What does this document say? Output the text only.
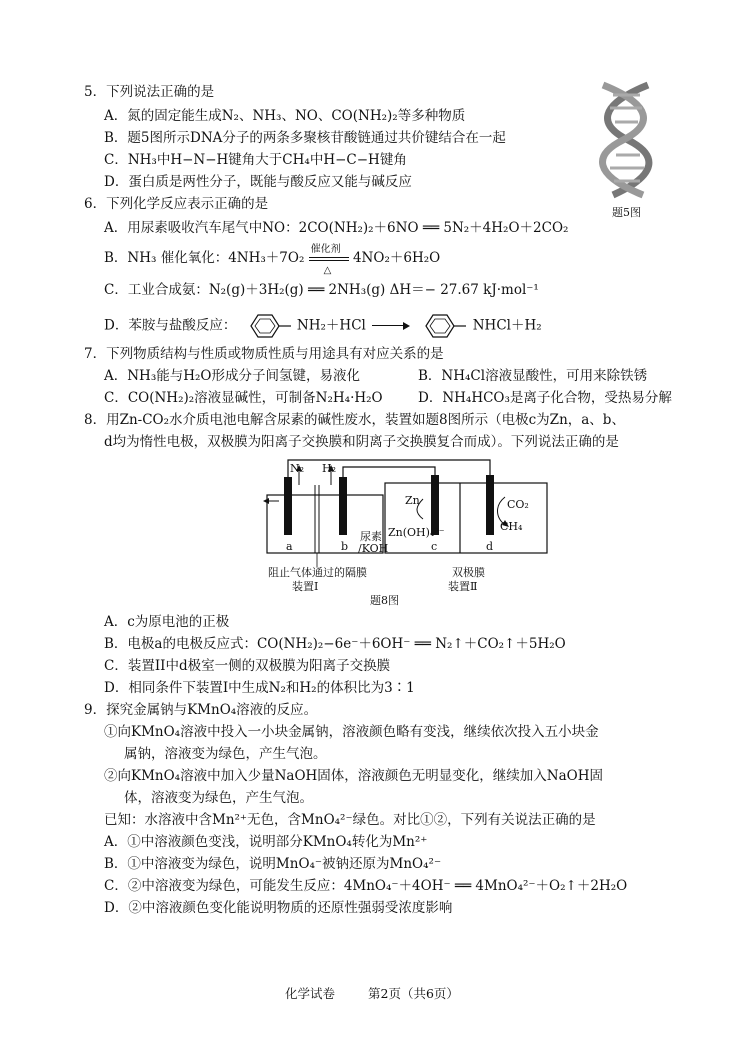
5．下列说法正确的是
A．氮的固定能生成N₂、NH₃、NO、CO(NH₂)₂等多种物质
B．题5图所示DNA分子的两条多聚核苷酸链通过共价键结合在一起
C．NH₃中H−N−H键角大于CH₄中H−C−H键角
D．蛋白质是两性分子，既能与酸反应又能与碱反应
题5图
6．下列化学反应表示正确的是
A．用尿素吸收汽车尾气中NO：2CO(NH₂)₂＋6NO ══ 5N₂＋4H₂O＋2CO₂
B．NH₃ 催化氧化：4NH₃＋7O₂
催化剂
△
4NO₂＋6H₂O
C．工业合成氨：N₂(g)＋3H₂(g) ══ 2NH₃(g) ΔH＝− 27.67 kJ·mol⁻¹
D．苯胺与盐酸反应：	NH₂＋HCl	NHCl＋H₂
7．下列物质结构与性质或物质性质与用途具有对应关系的是
A．NH₃能与H₂O形成分子间氢键，易液化	B．NH₄Cl溶液显酸性，可用来除铁锈
C．CO(NH₂)₂溶液显碱性，可制备N₂H₄·H₂O	D．NH₄HCO₃是离子化合物，受热易分解
8．用Zn-CO₂水介质电池电解含尿素的碱性废水，装置如题8图所示（电极c为Zn，a、b、
d均为惰性电极，双极膜为阳离子交换膜和阴离子交换膜复合而成）。下列说法正确的是
N₂ H₂
a	b	c	d
尿素
/KOH
Zn
Zn(OH)₄²⁻
CO₂
CH₄
阻止气体通过的隔膜
装置Ⅰ
双极膜
装置Ⅱ
题8图
A．c为原电池的正极
B．电极a的电极反应式：CO(NH₂)₂−6e⁻＋6OH⁻ ══ N₂↑＋CO₂↑＋5H₂O
C．装置II中d极室一侧的双极膜为阳离子交换膜
D．相同条件下装置Ⅰ中生成N₂和H₂的体积比为3∶1
9．探究金属钠与KMnO₄溶液的反应。
①向KMnO₄溶液中投入一小块金属钠，溶液颜色略有变浅，继续依次投入五小块金
属钠，溶液变为绿色，产生气泡。
②向KMnO₄溶液中加入少量NaOH固体，溶液颜色无明显变化，继续加入NaOH固
体，溶液变为绿色，产生气泡。
已知：水溶液中含Mn²⁺无色，含MnO₄²⁻绿色。对比①②，下列有关说法正确的是
A．①中溶液颜色变浅，说明部分KMnO₄转化为Mn²⁺
B．①中溶液变为绿色，说明MnO₄⁻被钠还原为MnO₄²⁻
C．②中溶液变为绿色，可能发生反应：4MnO₄⁻＋4OH⁻ ══ 4MnO₄²⁻＋O₂↑＋2H₂O
D．②中溶液颜色变化能说明物质的还原性强弱受浓度影响
化学试卷	第2页（共6页）
